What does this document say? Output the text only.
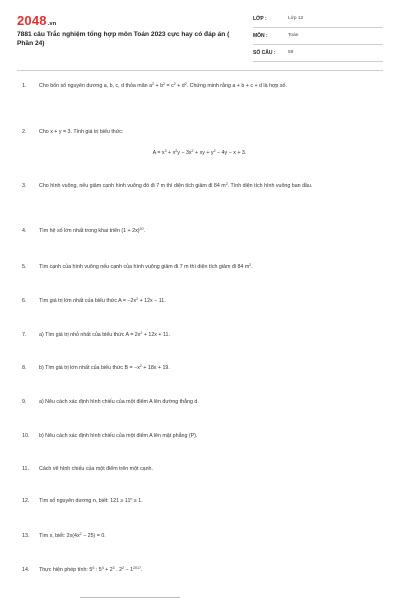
2048.vn
7881 câu Trắc nghiệm tổng hợp môn Toán 2023 cực hay có đáp án ( Phần 24)
LỚP :	Lớp 12
MÔN :	Toán
SỐ CÂU :	59
1.	Cho bốn số nguyên dương a, b, c, d thỏa mãn $a^2 + b^2 = c^2 + d^2$. Chứng minh rằng a + b + c + d là hợp số.
2.	Cho x + y = 3. Tính giá trị biểu thức:
$A = x^3 + x^2y - 3x^2$ + xy + $y^2 - 4y - x + 3$.
3.	Cho hình vuông, nếu giảm cạnh hình vuông đó đi 7 m thì diện tích giảm đi 84 $m^2$. Tính diện tích hình vuông ban đầu.
4.	Tìm hệ số lớn nhất trong khai triển $(1 + 2x)^{20}$.
5.	Tìm cạnh của hình vuông nếu cạnh của hình vuông giảm đi 7 m thì diện tích giảm đi 84 $m^2$.
6.	Tìm giá trị lớn nhất của biểu thức $A = -2x^2 + 12x - 11$.
7.	a) Tìm giá trị nhỏ nhất của biểu thức $A = 2x^2 + 12x + 11$.
8.	b) Tìm giá trị lớn nhất của biểu thức $B = -x^2 + 18x + 19$.
9.	a) Nêu cách xác định hình chiếu của một điểm A lên đường thẳng d.
10.	b) Nêu cách xác định hình chiếu của một điểm A lên mặt phẳng (P).
11.	Cách vẽ hình chiếu của một điểm trên một cạnh.
12.	Tìm số nguyên dương n, biết: $121 \ge 11^n \ge 1$.
13.	Tìm x, biết: $2x(4x^2 - 25) = 0$.
14.	Thực hiện phép tính: $5^6$ : $5^4 + 2^3$ . $2^2 - 1^{2017}$.
